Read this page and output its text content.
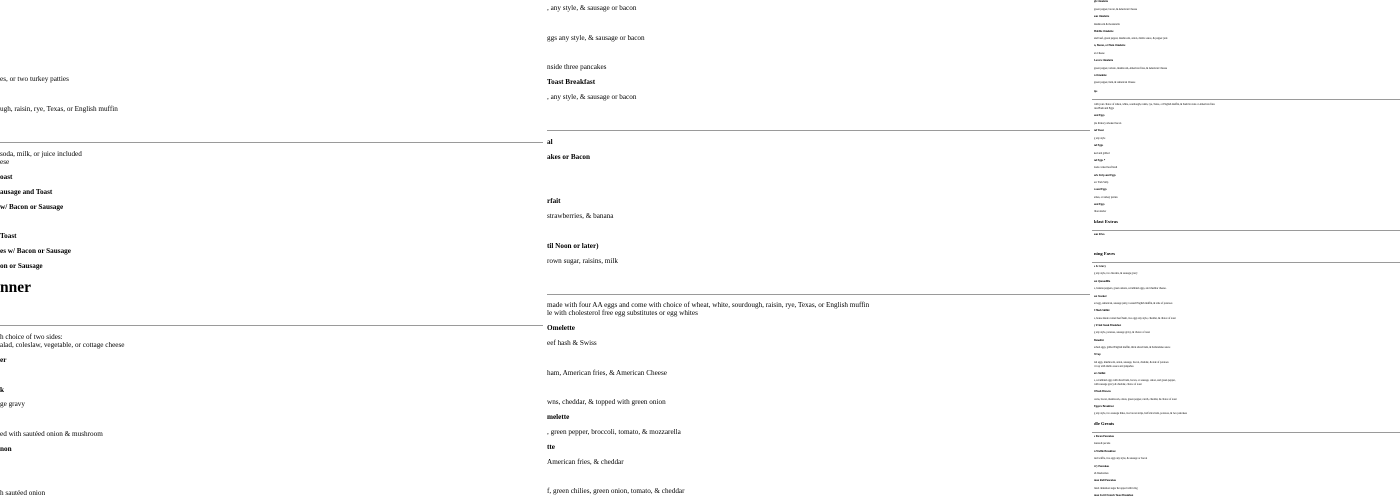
es, or two turkey patties
ugh, raisin, rye, Texas, or English muffin
soda, milk, or juice included
ese
oast
ausage and Toast
w/ Bacon or Sausage
Toast
es w/ Bacon or Sausage
on or Sausage
nner
h choice of two sides:
alad, coleslaw, vegetable, or cottage cheese
er
k
ge gravy
ed with sautéed onion & mushroom
non
h sautéed onion
, any style, & sausage or bacon
ggs any style, & sausage or bacon
nside three pancakes
Toast Breakfast
, any style, & sausage or bacon
al
akes or Bacon
rfait
strawberries, & banana
til Noon or later)
rown sugar, raisins, milk
made with four AA eggs and come with choice of wheat, white, sourdough, raisin, rye, Texas, or English muffin
le with cholesterol free egg substitutes or egg whites
Omelette
eef hash & Swiss
ham, American fries, & American Cheese
wns, cheddar, & topped with green onion
melette
, green pepper, broccoli, tomato, & mozzarella
tte
American fries, & cheddar
f, green chilies, green onion, tomato, & cheddar
gh Omelette
green pepper, bacon, & American Cheese
ean Omelette
mushroom & mozzarella
Hobble Omelette
und beef, green pepper, mushroom, onion, diablo sauce, & pepper jack
n, Bacon, or Ham Omelette
an Cheese
Lovers Omelette
green pepper, tomato, mushroom, American fries, & American Cheese
n Omelette
green pepper, ham, & American Cheese
ips
with your choice of wheat, white, sourdough, raisin, rye, Texas, or English muffin, & hash browns or American fries
ries Hash and Eggs
and Eggs
ple hickory smoked bacon
nd Toast
g any style
nd Eggs
ked and grilled
nd Eggs *
nade corned beef hash
ork Strip and Eggs
ew York Strip
n and Eggs
atties, or turkey patties
and Eggs
llion sizzler
kfast Extras
ean Fries
ning Faves
s & Gravy
g any style, two biscuits, & sausage gravy
ast Quesadilla
s, banana peppers, green onions, scrambled eggs, and cheddar cheese.
ast Stacker
ed egg, American, sausage patty, toasted English muffin, & side of potatoes
f Hash Skillet
s, house made corned beef hash, two eggs any style, cheddar, & choice of toast
y Fried Steak Breakfast
g any style, potatoes, sausage gravy, & choice of toast
Benedict
ached eggs, grilled English muffin, thick sliced ham, & hollandaise sauce
Wrap
led eggs, mushroom, onion, sausage, bacon, cheddar, & side of potatoes
t it up with diablo sauce and jalapeños
ers Skillet
s, scrambled eggs with diced ham, bacon, or sausage, onion, and green pepper,
with sausage gravy & cheddar, choice of toast
l Hash Browns
owns, bacon, mushroom, onion, green pepper, ranch, cheddar, & choice of toast
Eggers Breakfast
g any style, two sausage links, two bacon strips, half slice ham, potatoes, & two pancakes
dle Greats
s Pecan Pancakes
nanas & pecans
n Waffle Breakfast
ded waffle, two eggs any style, & sausage or bacon
rry Pancakes
sh blueberries
mon Roll Pancakes
lized cinnamon sugar & topped with icing
mon Swirl French Toast Breakfast
